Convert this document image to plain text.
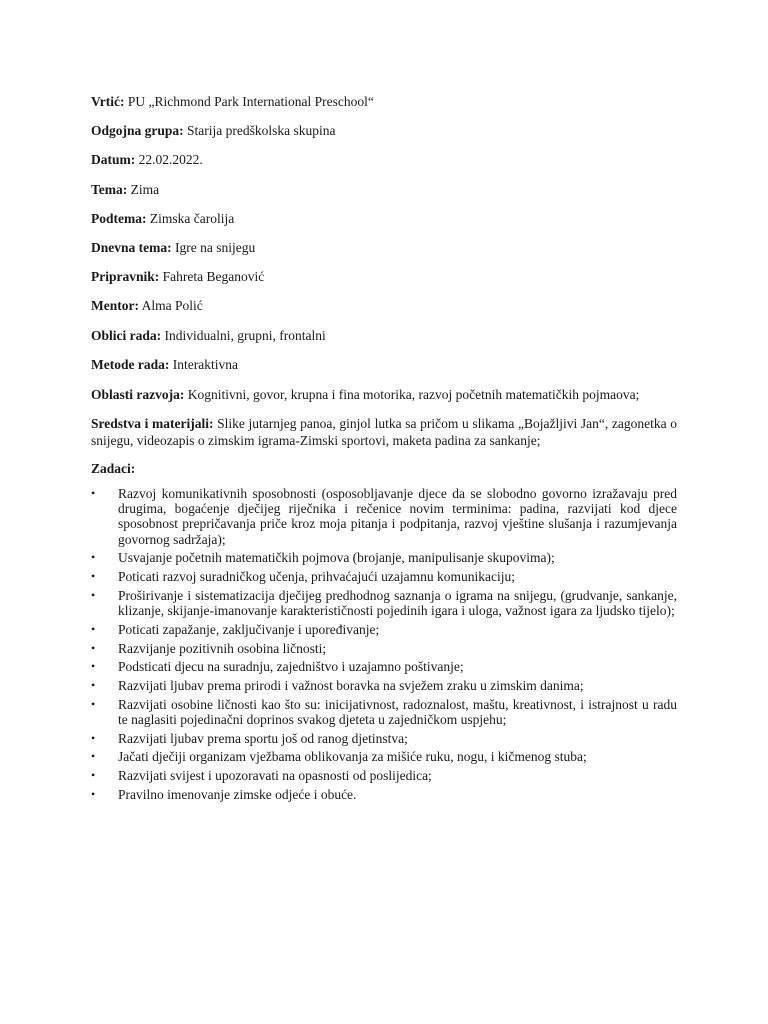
Vrtić: PU „Richmond Park International Preschool“

Odgojna grupa: Starija predškolska skupina

Datum: 22.02.2022.

Tema: Zima

Podtema: Zimska čarolija

Dnevna tema: Igre na snijegu

Pripravnik: Fahreta Beganović

Mentor: Alma Polić

Oblici rada: Individualni, grupni, frontalni

Metode rada: Interaktivna

Oblasti razvoja: Kognitivni, govor, krupna i fina motorika, razvoj početnih matematičkih pojmaova;

Sredstva i materijali: Slike jutarnjeg panoa, ginjol lutka sa pričom u slikama „Bojažljivi Jan“, zagonetka o snijegu, videozapis o zimskim igrama-Zimski sportovi, maketa padina za sankanje;

Zadaci:

•	Razvoj komunikativnih sposobnosti (osposobljavanje djece da se slobodno govorno izražavaju pred drugima, bogaćenje dječijeg riječnika i rečenice novim terminima: padina, razvijati kod djece sposobnost prepričavanja priče kroz moja pitanja i podpitanja, razvoj vještine slušanja i razumjevanja govornog sadržaja);
•	Usvajanje početnih matematičkih pojmova (brojanje, manipulisanje skupovima);
•	Poticati razvoj suradničkog učenja, prihvaćajući uzajamnu komunikaciju;
•	Proširivanje i sistematizacija dječijeg predhodnog saznanja o igrama na snijegu, (grudvanje, sankanje, klizanje, skijanje-imanovanje karakterističnosti pojedinih igara i uloga, važnost igara za ljudsko tijelo);
•	Poticati zapažanje, zaključivanje i upoređivanje;
•	Razvijanje pozitivnih osobina ličnosti;
•	Podsticati djecu na suradnju, zajedništvo i uzajamno poštivanje;
•	Razvijati ljubav prema prirodi i važnost boravka na svježem zraku u zimskim danima;
•	Razvijati osobine ličnosti kao što su: inicijativnost, radoznalost, maštu, kreativnost, i istrajnost u radu te naglasiti pojedinačni doprinos svakog djeteta u zajedničkom uspjehu;
•	Razvijati ljubav prema sportu još od ranog djetinstva;
•	Jačati dječiji organizam vježbama oblikovanja za mišiće ruku, nogu, i kičmenog stuba;
•	Razvijati svijest i upozoravati na opasnosti od poslijedica;
•	Pravilno imenovanje zimske odjeće i obuće.
